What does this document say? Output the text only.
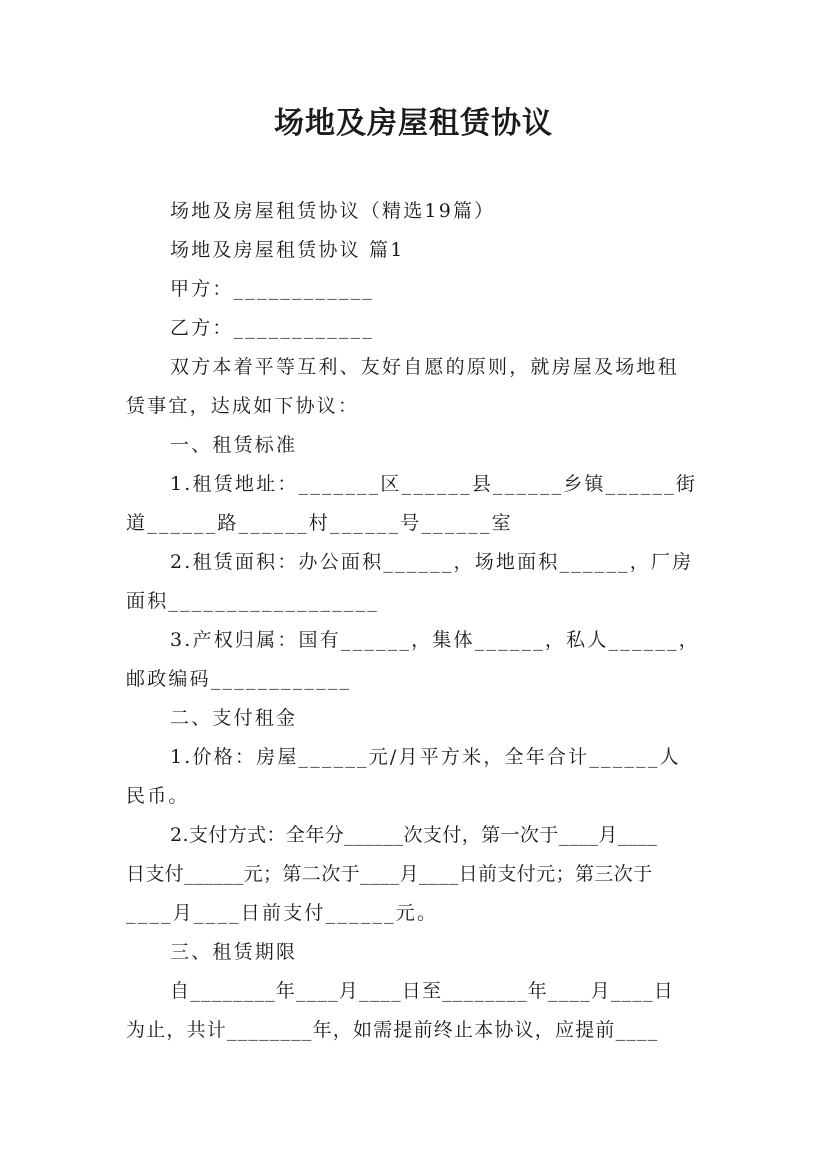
场地及房屋租赁协议
场地及房屋租赁协议（精选19篇）
场地及房屋租赁协议 篇1
甲方：____________
乙方：____________
双方本着平等互利、友好自愿的原则，就房屋及场地租
赁事宜，达成如下协议：
一、租赁标准
1.租赁地址：_______区______县______乡镇______街
道______路______村______号______室
2.租赁面积：办公面积______，场地面积______，厂房
面积__________________
3.产权归属：国有______，集体______，私人______，
邮政编码____________
二、支付租金
1.价格：房屋______元/月平方米，全年合计______人
民币。
2.支付方式：全年分______次支付，第一次于____月____
日支付______元；第二次于____月____日前支付元；第三次于
____月____日前支付______元。
三、租赁期限
自________年____月____日至________年____月____日
为止，共计________年，如需提前终止本协议，应提前____
